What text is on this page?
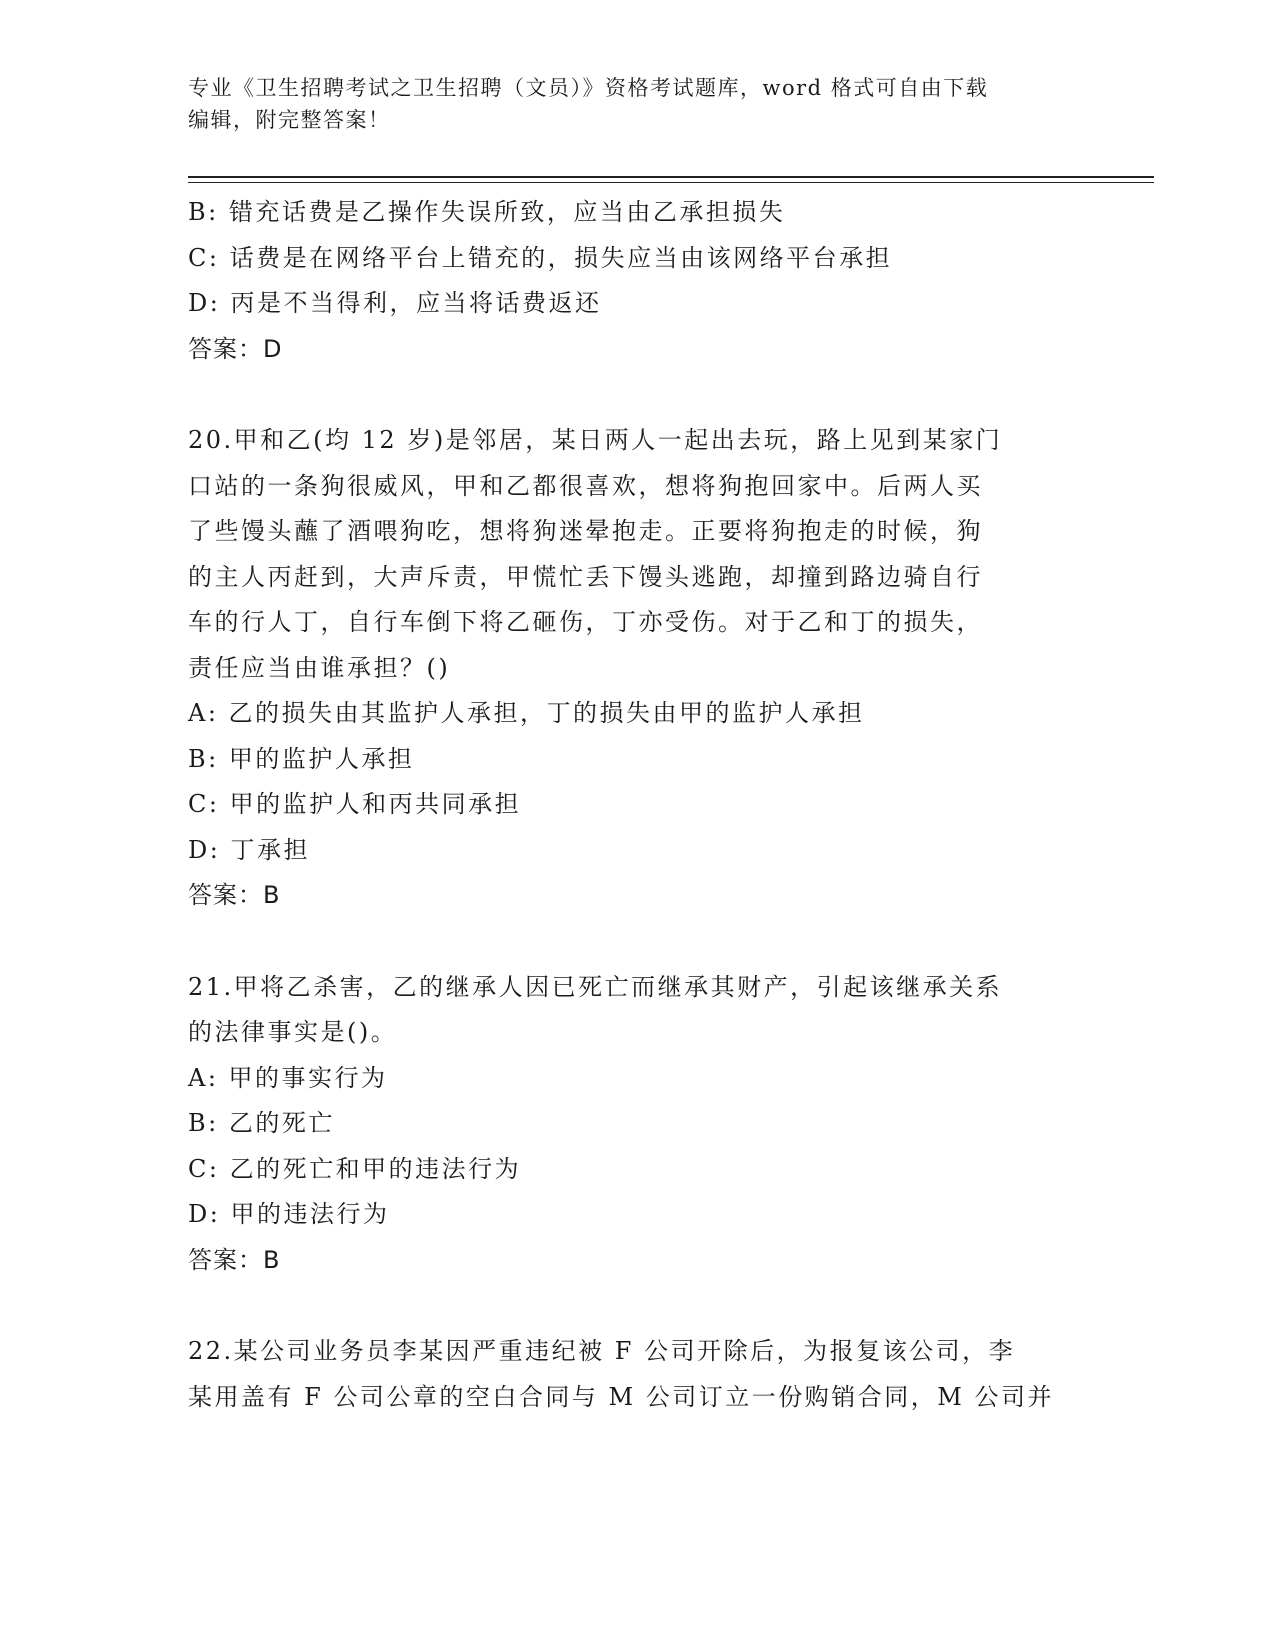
专业《卫生招聘考试之卫生招聘（文员）》资格考试题库，word 格式可自由下载
编辑，附完整答案！
B: 错充话费是乙操作失误所致，应当由乙承担损失
C: 话费是在网络平台上错充的，损失应当由该网络平台承担
D: 丙是不当得利，应当将话费返还
答案：D
20.甲和乙(均 12 岁)是邻居，某日两人一起出去玩，路上见到某家门
口站的一条狗很威风，甲和乙都很喜欢，想将狗抱回家中。后两人买
了些馒头蘸了酒喂狗吃，想将狗迷晕抱走。正要将狗抱走的时候，狗
的主人丙赶到，大声斥责，甲慌忙丢下馒头逃跑，却撞到路边骑自行
车的行人丁，自行车倒下将乙砸伤，丁亦受伤。对于乙和丁的损失，
责任应当由谁承担？()
A: 乙的损失由其监护人承担，丁的损失由甲的监护人承担
B: 甲的监护人承担
C: 甲的监护人和丙共同承担
D: 丁承担
答案：B
21.甲将乙杀害，乙的继承人因已死亡而继承其财产，引起该继承关系
的法律事实是()。
A: 甲的事实行为
B: 乙的死亡
C: 乙的死亡和甲的违法行为
D: 甲的违法行为
答案：B
22.某公司业务员李某因严重违纪被 F 公司开除后，为报复该公司，李
某用盖有 F 公司公章的空白合同与 M 公司订立一份购销合同，M 公司并
